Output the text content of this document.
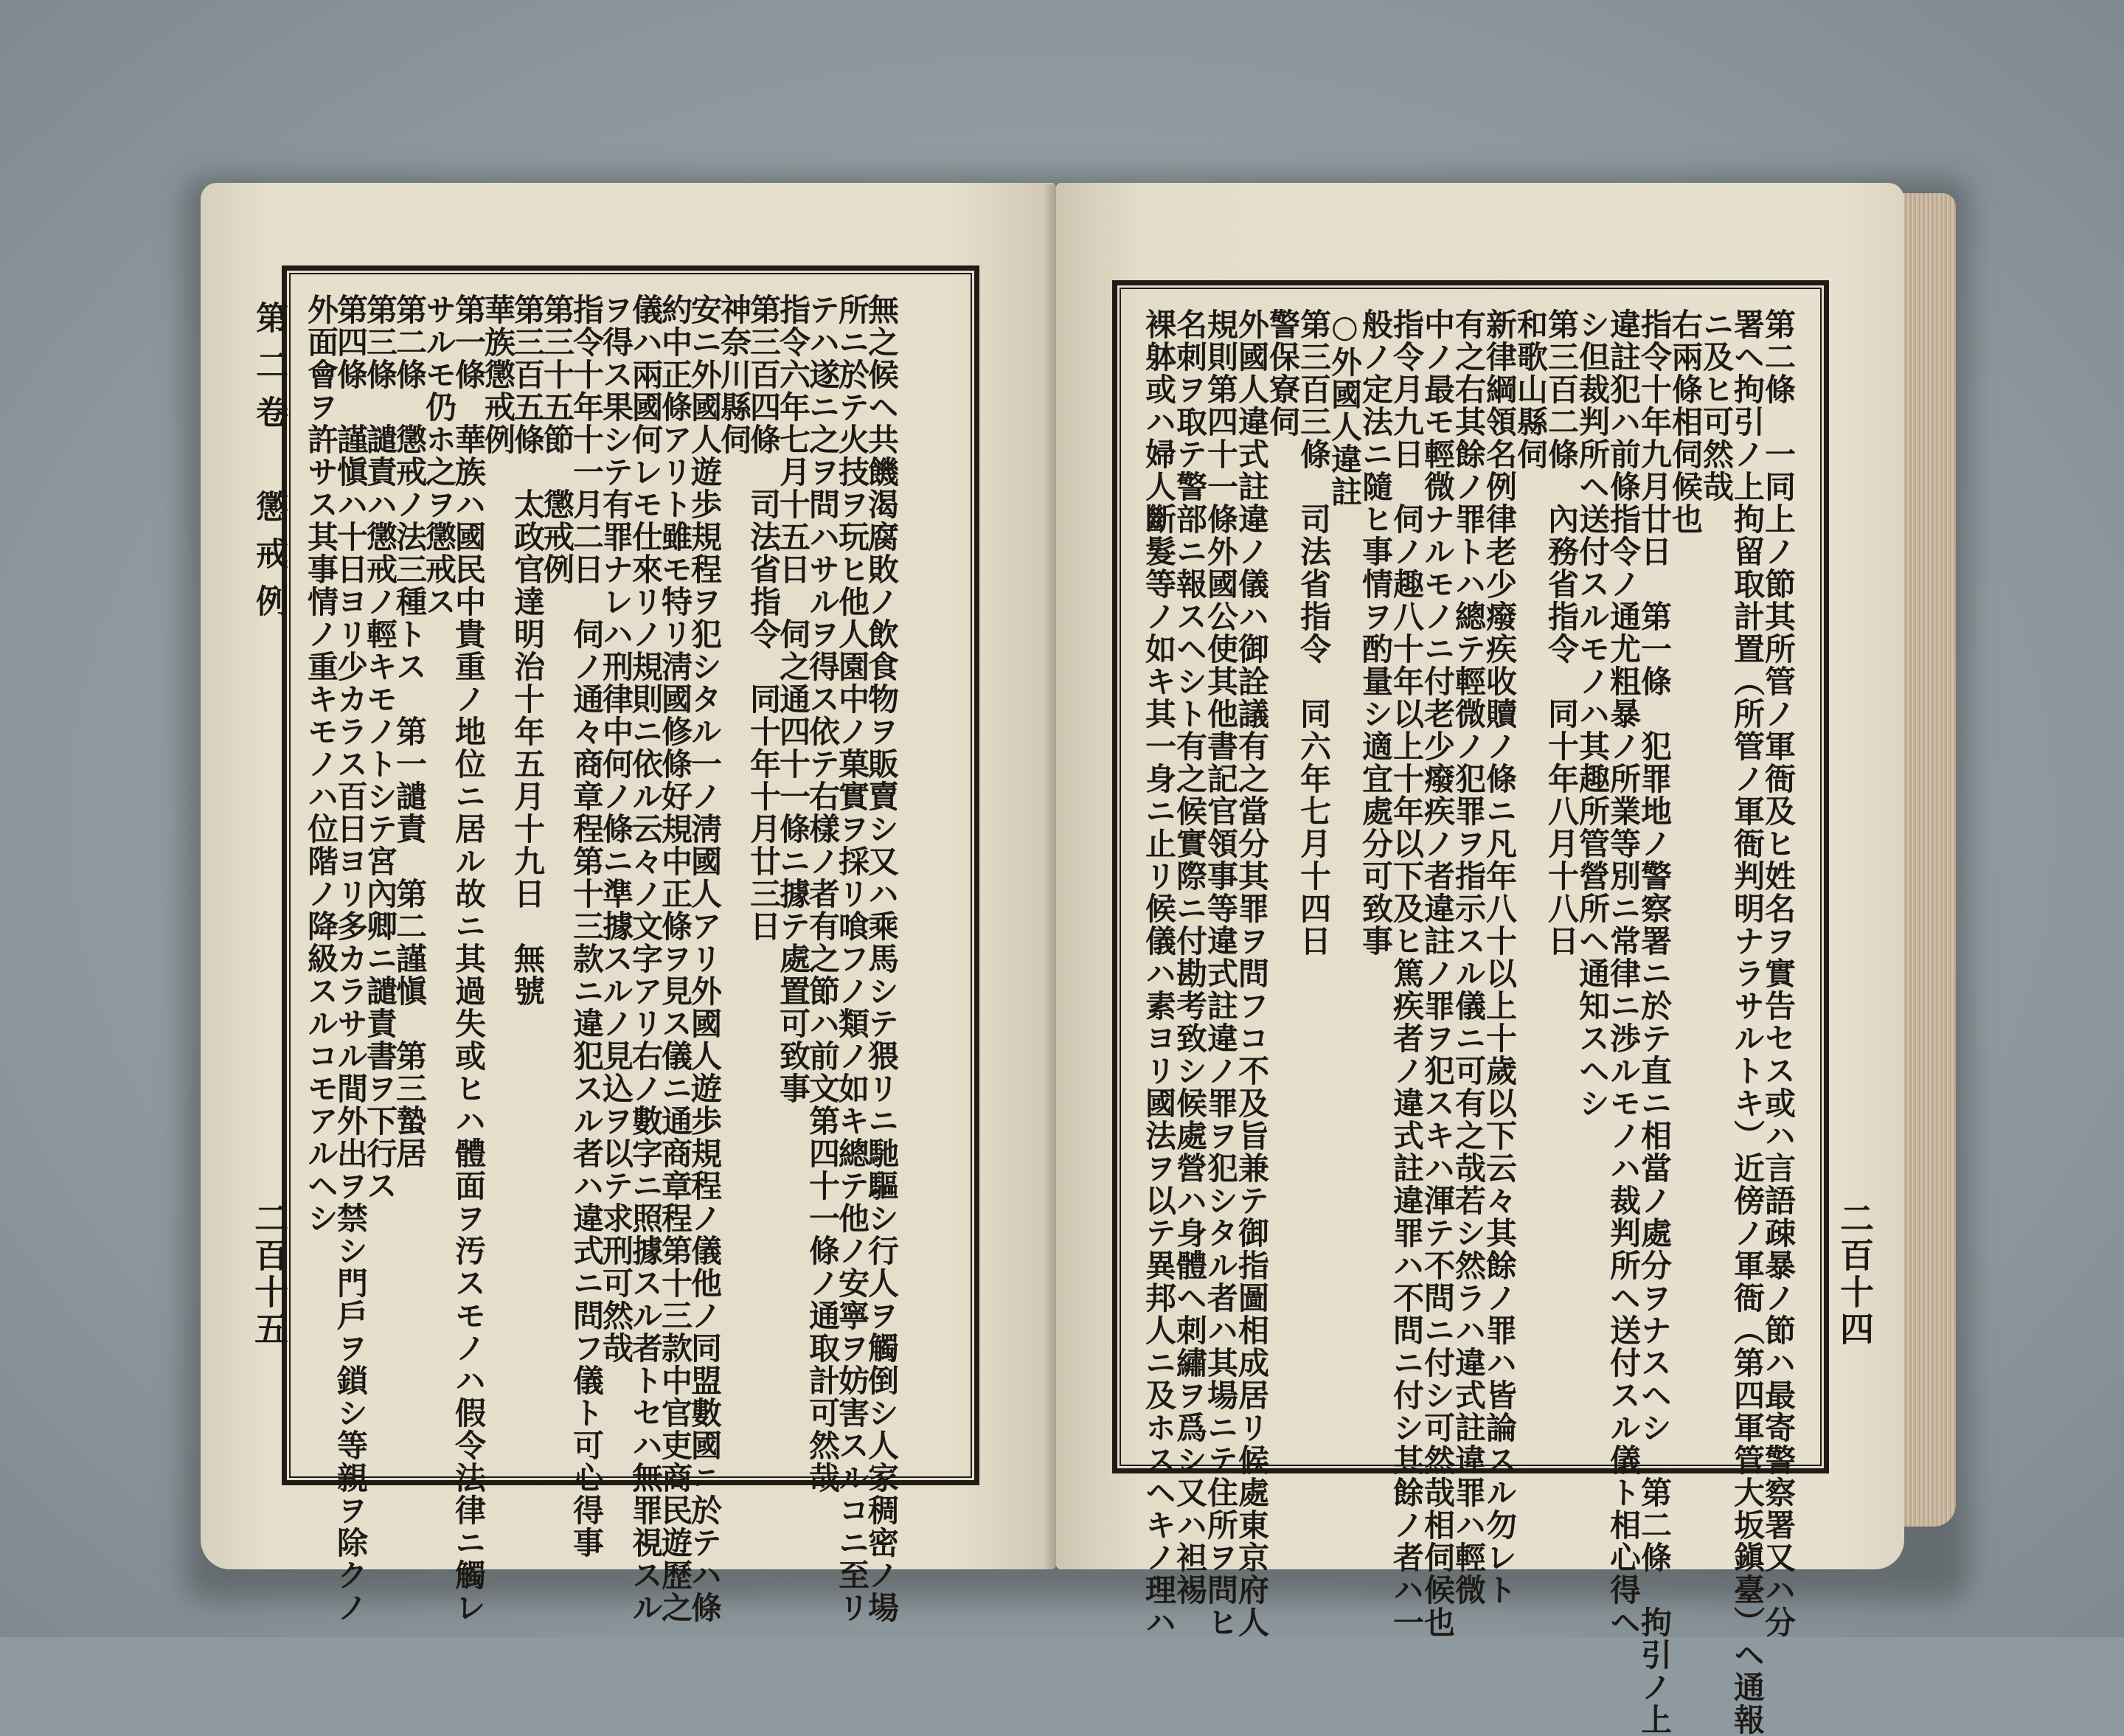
第二卷　懲戒例
二百十五	無之候ヘ共饑渴腐敗ノ飲食物ヲ販賣シ又ハ乘馬シテ猥リニ馳驅シ行人ヲ觸倒シ人家稠密ノ場
所ニ於テ火技ヲ玩ヒ他人園中ノ菓實ヲ採リ喰フノ類ノ如キ總テ他ノ安寧ヲ妨害スルコニ至リ
テハ遂ニ之ヲ問ハサルヲ得ス依テ右樣ノ者有之節ハ前文第四十一條ノ通取計可然哉
指令六年七月十五日　伺之通四十一條ニ據テ處置可致事
第三百四條　司法省指令　同十年十月廿三日
神奈川縣伺
安ニ外國人遊歩規程ヲ犯シタル一ノ淸國人アリ外國人遊歩規程ノ儀他ノ同盟數國ニ於テハ條
約中正條アリト雖モ特リ淸國修條好規中正條ヲ見ス儀ニ通商章程第十三款中官吏商民遊歷之
儀ハ兩國何レモ仕來リノ規則ニ依ル云々ノ文字アリ右ノ數字ニ照據スル者トセハ無罪視スル
ヲ得ス果シテ有罪ナレハ刑律中何ノ條ニ準據スルノ見込ヲ以テ求刑可然哉
指令十年十一月二日　伺ノ通々商章程第十三款ニ違犯スル者ハ違式ニ問フ儀ト可心得事
第三十五節　懲戒例
第三百五條　太政官達明治十年五月十九日　無號
華族懲戒例
第一條　華族ハ國民中貴重ノ地位ニ居ル故ニ其過失或ヒハ體面ヲ汚スモノハ假令法律ニ觸レ
サルモ仍ホ之ヲ懲戒ス
第二條　懲戒ノ法三種トス　第一譴責　第二謹愼　第三蟄居
第三條　譴責ハ懲戒ノ輕キモノトシテ宮內卿ニ譴責書ヲ下行ス
第四條　謹愼ハ十日ヨリ少カラス百日ヨリ多カラサル間外出ヲ禁シ門戶ヲ鎖シ等親ヲ除クノ
外面會ヲ許サス其事情ノ重キモノハ位階ノ降級スルコモアルヘシ
二百十四
第二條　一同上ノ節其所管ノ軍衙及ヒ姓名ヲ實告セス或ハ言語疎暴ノ節ハ最寄警察署又ハ分
署ヘ拘引ノ上拘留取計置（所管ノ軍衙判明ナラサルトキ）近傍ノ軍衙（第四軍管大坂鎭臺）ヘ通報
ニ及ヒ可然哉
右兩條相伺候也
指令十年九月廿日　第一條　犯罪地ノ警察署ニ於テ直ニ相當ノ處分ヲナスヘシ　第二條　拘引ノ上
違註犯ハ前條指令ノ通尤粗暴ノ所業等別ニ常律ニ渉ルモノハ裁判所ヘ送付スル儀ト相心得ヘ
シ但裁判所ヘ送付スルモノハ其趣所管營所ヘ通知スヘシ
第三百二條　內務省指令　同十年八月十八日
和歌山縣伺
新律綱領名例律老少癈疾收贖ノ條ニ凡年八十以上十歲以下云々其餘ノ罪ハ皆論スル勿レト
有之右其餘ノ罪トハ總テ輕微ノ犯罪ヲ指示スル儀ニ可有之哉若シ然ラハ違式註違罪ハ輕微
中ノ最モ輕微ナルモノニ付老少癈疾ノ者違註ノ罪ヲ犯スキハ渾テ不問ニ付シ可然哉相伺候也
指令月九日　伺ノ趣八十年以上十年以下及ヒ篤疾者ノ違式註違罪ハ不問ニ付シ其餘ノ者ハ一
般ノ定法ニ隨ヒ事情ヲ酌量シ適宜處分可致事
○外國人違註
第三百三條　司法省指令　同六年七月十四日
警保寮伺
外國人違式註違ノ儀ハ御詮議有之當分其罪ヲ問フコ不及旨兼テ御指圖相成居リ候處東京府人
規則第四十一條外國公使其他書記官領事等違式註違ノ罪ヲ犯シタル者ハ其場ニテ住所ヲ問ヒ
名刺ヲ取テ警部ニ報スヘシト有之候實際ニ付勘考致シ候處營ハ身體ヘ刺繡ヲ爲シ又ハ袒裼
裸躰或ハ婦人斷髮等ノ如キ其一身ニ止リ候儀ハ素ヨリ國法ヲ以テ異邦人ニ及ホスヘキノ理ハ
